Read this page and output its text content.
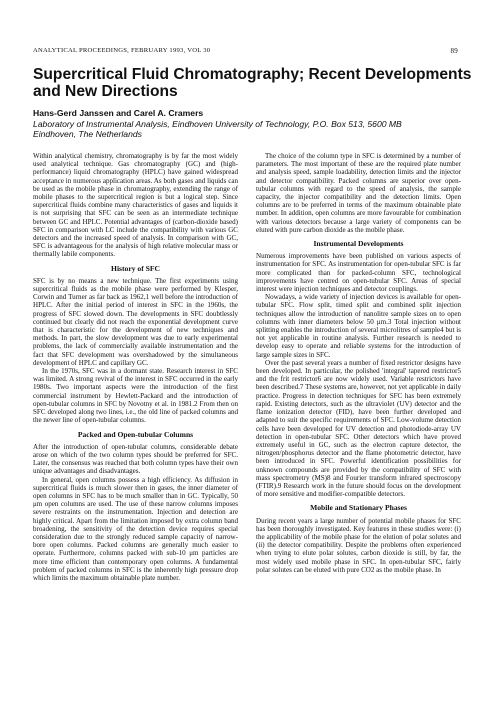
ANALYTICAL PROCEEDINGS, FEBRUARY 1993, VOL 30	89
Supercritical Fluid Chromatography; Recent Developments and New Directions
Hans-Gerd Janssen and Carel A. Cramers
Laboratory of Instrumental Analysis, Eindhoven University of Technology, P.O. Box 513, 5600 MB
Eindhoven, The Netherlands

Within analytical chemistry, chromatography is by far the most widely used analytical technique. Gas chromatography (GC) and (high-performance) liquid chromatography (HPLC) have gained widespread acceptance in numerous application areas. As both gases and liquids can be used as the mobile phase in chromatography, extending the range of mobile phases to the supercritical region is but a logical step. Since supercritical fluids combine many characteristics of gases and liquids it is not surprising that SFC can be seen as an intermediate technique between GC and HPLC. Potential advantages of (carbon-dioxide based) SFC in comparison with LC include the compatibility with various GC detectors and the increased speed of analysis. In comparison with GC, SFC is advantageous for the analysis of high relative molecular mass or thermally labile components.

History of SFC

SFC is by no means a new technique. The first experiments using supercritical fluids as the mobile phase were performed by Klesper, Corwin and Turner as far back as 1962,1 well before the introduction of HPLC. After the initial period of interest in SFC in the 1960s, the progress of SFC slowed down. The developments in SFC doubtlessly continued but clearly did not reach the exponential development curve that is characteristic for the development of new techniques and methods. In part, the slow development was due to early experimental problems, the lack of commercially available instrumentation and the fact that SFC development was overshadowed by the simultaneous development of HPLC and capillary GC.

In the 1970s, SFC was in a dormant state. Research interest in SFC was limited. A strong revival of the interest in SFC occurred in the early 1980s. Two important aspects were the introduction of the first commercial instrument by Hewlett-Packard and the introduction of open-tubular columns in SFC by Novotny et al. in 1981.2 From then on SFC developed along two lines, i.e., the old line of packed columns and the newer line of open-tubular columns.

Packed and Open-tubular Columns

After the introduction of open-tubular columns, considerable debate arose on which of the two column types should be preferred for SFC. Later, the consensus was reached that both column types have their own unique advantages and disadvantages.

In general, open columns possess a high efficiency. As diffusion in supercritical fluids is much slower then in gases, the inner diameter of open columns in SFC has to be much smaller than in GC. Typically, 50 μm open columns are used. The use of these narrow columns imposes severe restraints on the instrumentation. Injection and detection are highly critical. Apart from the limitation imposed by extra column band broadening, the sensitivity of the detection device requires special consideration due to the strongly reduced sample capacity of narrow-bore open columns. Packed columns are generally much easier to operate. Furthermore, columns packed with sub-10 μm particles are more time efficient than contemporary open columns. A fundamental problem of packed columns in SFC is the inherently high pressure drop which limits the maximum obtainable plate number.

The choice of the column type in SFC is determined by a number of parameters. The most important of these are the required plate number and analysis speed, sample loadability, detection limits and the injector and detector compatibility. Packed columns are superior over open-tubular columns with regard to the speed of analysis, the sample capacity, the injector compatibility and the detection limits. Open columns are to be preferred in terms of the maximum obtainable plate number. In addition, open columns are more favourable for combination with various detectors because a large variety of components can be eluted with pure carbon dioxide as the mobile phase.

Instrumental Developments

Numerous improvements have been published on various aspects of instrumentation for SFC. As instrumentation for open-tubular SFC is far more complicated than for packed-column SFC, technological improvements have centred on open-tubular SFC. Areas of special interest were injection techniques and detector couplings.

Nowadays, a wide variety of injection devices is available for open-tubular SFC. Flow split, timed split and combined split injection techniques allow the introduction of nanolitre sample sizes on to open columns with inner diameters below 50 μm.3 Total injection without splitting enables the introduction of several microlitres of sample4 but is not yet applicable in routine analysis. Further research is needed to develop easy to operate and reliable systems for the introduction of large sample sizes in SFC.

Over the past several years a number of fixed restrictor designs have been developed. In particular, the polished 'integral' tapered restrictor5 and the frit restrictor6 are now widely used. Variable restrictors have been described.7 These systems are, however, not yet applicable in daily practice. Progress in detection techniques for SFC has been extremely rapid. Existing detectors, such as the ultraviolet (UV) detector and the flame ionization detector (FID), have been further developed and adapted to suit the specific requirements of SFC. Low-volume detection cells have been developed for UV detection and photodiode-array UV detection in open-tubular SFC. Other detectors which have proved extremely useful in GC, such as the electron capture detector, the nitrogen/phosphorus detector and the flame photometric detector, have been introduced in SFC. Powerful identification possibilities for unknown compounds are provided by the compatibility of SFC with mass spectrometry (MS)8 and Fourier transform infrared spectroscopy (FTIR).9 Research work in the future should focus on the development of more sensitive and modifier-compatible detectors.

Mobile and Stationary Phases

During recent years a large number of potential mobile phases for SFC has been thoroughly investigated. Key features in these studies were: (i) the applicability of the mobile phase for the elution of polar solutes and (ii) the detector compatibility. Despite the problems often experienced when trying to elute polar solutes, carbon dioxide is still, by far, the most widely used mobile phase in SFC. In open-tubular SFC, fairly polar solutes can be eluted with pure CO2 as the mobile phase. In
